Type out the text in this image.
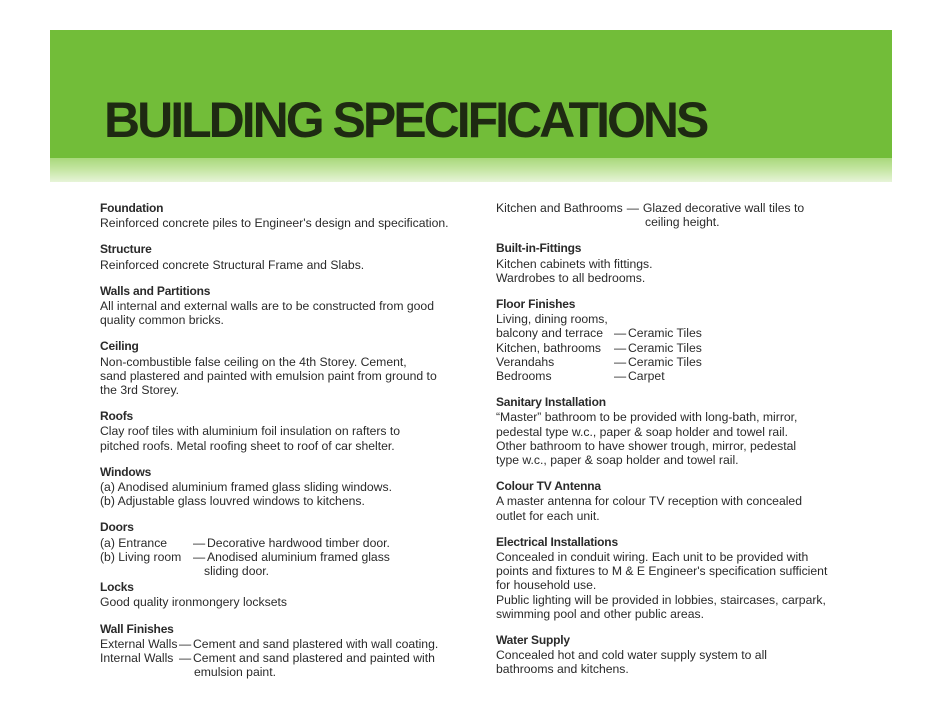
BUILDING SPECIFICATIONS
Foundation
Reinforced concrete piles to Engineer's design and specification.
Structure
Reinforced concrete Structural Frame and Slabs.
Walls and Partitions
All internal and external walls are to be constructed from good
quality common bricks.
Ceiling
Non-combustible false ceiling on the 4th Storey. Cement,
sand plastered and painted with emulsion paint from ground to
the 3rd Storey.
Roofs
Clay roof tiles with aluminium foil insulation on rafters to
pitched roofs. Metal roofing sheet to roof of car shelter.
Windows
(a) Anodised aluminium framed glass sliding windows.
(b) Adjustable glass louvred windows to kitchens.
Doors
(a) Entrance	— Decorative hardwood timber door.
(b) Living room — Anodised aluminium framed glass
sliding door.
Locks
Good quality ironmongery locksets
Wall Finishes
External Walls — Cement and sand plastered with wall coating.
Internal Walls — Cement and sand plastered and painted with
emulsion paint.
Kitchen and Bathrooms — Glazed decorative wall tiles to
ceiling height.
Built-in-Fittings
Kitchen cabinets with fittings.
Wardrobes to all bedrooms.
Floor Finishes
Living, dining rooms,
balcony and terrace — Ceramic Tiles
Kitchen, bathrooms	— Ceramic Tiles
Verandahs	— Ceramic Tiles
Bedrooms	— Carpet
Sanitary Installation
“Master” bathroom to be provided with long-bath, mirror,
pedestal type w.c., paper & soap holder and towel rail.
Other bathroom to have shower trough, mirror, pedestal
type w.c., paper & soap holder and towel rail.
Colour TV Antenna
A master antenna for colour TV reception with concealed
outlet for each unit.
Electrical Installations
Concealed in conduit wiring. Each unit to be provided with
points and fixtures to M & E Engineer's specification sufficient
for household use.
Public lighting will be provided in lobbies, staircases, carpark,
swimming pool and other public areas.
Water Supply
Concealed hot and cold water supply system to all
bathrooms and kitchens.
